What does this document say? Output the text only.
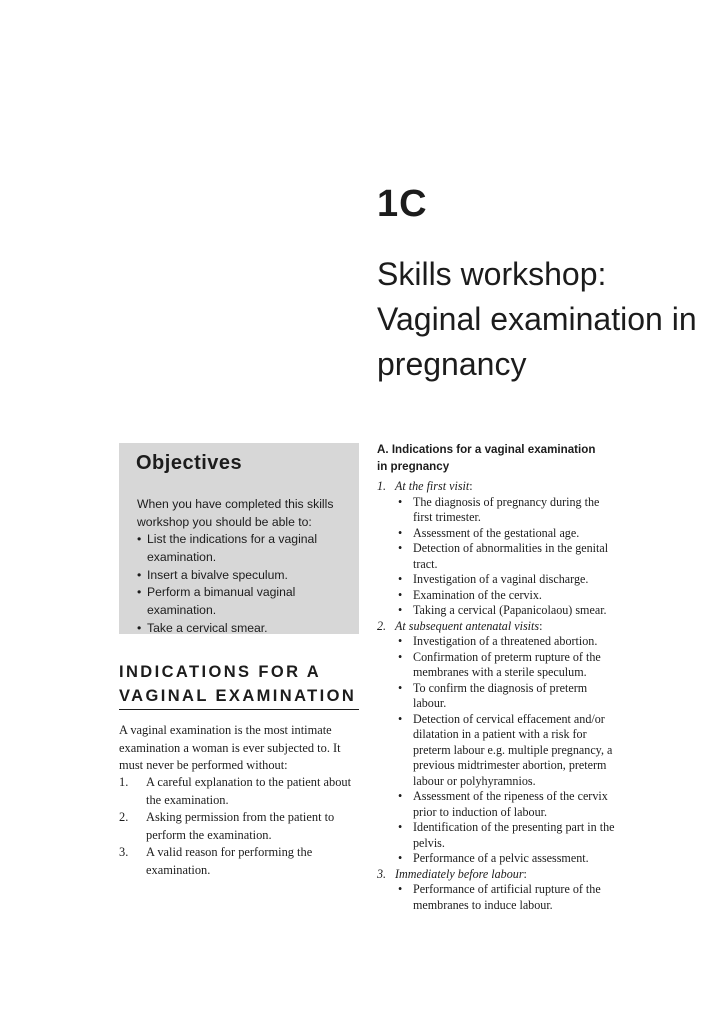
1C
Skills workshop: Vaginal examination in pregnancy
Objectives
When you have completed this skills workshop you should be able to:
• List the indications for a vaginal examination.
• Insert a bivalve speculum.
• Perform a bimanual vaginal examination.
• Take a cervical smear.
INDICATIONS FOR A VAGINAL EXAMINATION

A vaginal examination is the most intimate examination a woman is ever subjected to. It must never be performed without:

1. A careful explanation to the patient about the examination.
2. Asking permission from the patient to perform the examination.
3. A valid reason for performing the examination.
A. Indications for a vaginal examination in pregnancy
1. At the first visit:
• The diagnosis of pregnancy during the first trimester.
• Assessment of the gestational age.
• Detection of abnormalities in the genital tract.
• Investigation of a vaginal discharge.
• Examination of the cervix.
• Taking a cervical (Papanicolaou) smear.
2. At subsequent antenatal visits:
• Investigation of a threatened abortion.
• Confirmation of preterm rupture of the membranes with a sterile speculum.
• To confirm the diagnosis of preterm labour.
• Detection of cervical effacement and/or dilatation in a patient with a risk for preterm labour e.g. multiple pregnancy, a previous midtrimester abortion, preterm labour or polyhyramnios.
• Assessment of the ripeness of the cervix prior to induction of labour.
• Identification of the presenting part in the pelvis.
• Performance of a pelvic assessment.
3. Immediately before labour:
• Performance of artificial rupture of the membranes to induce labour.
